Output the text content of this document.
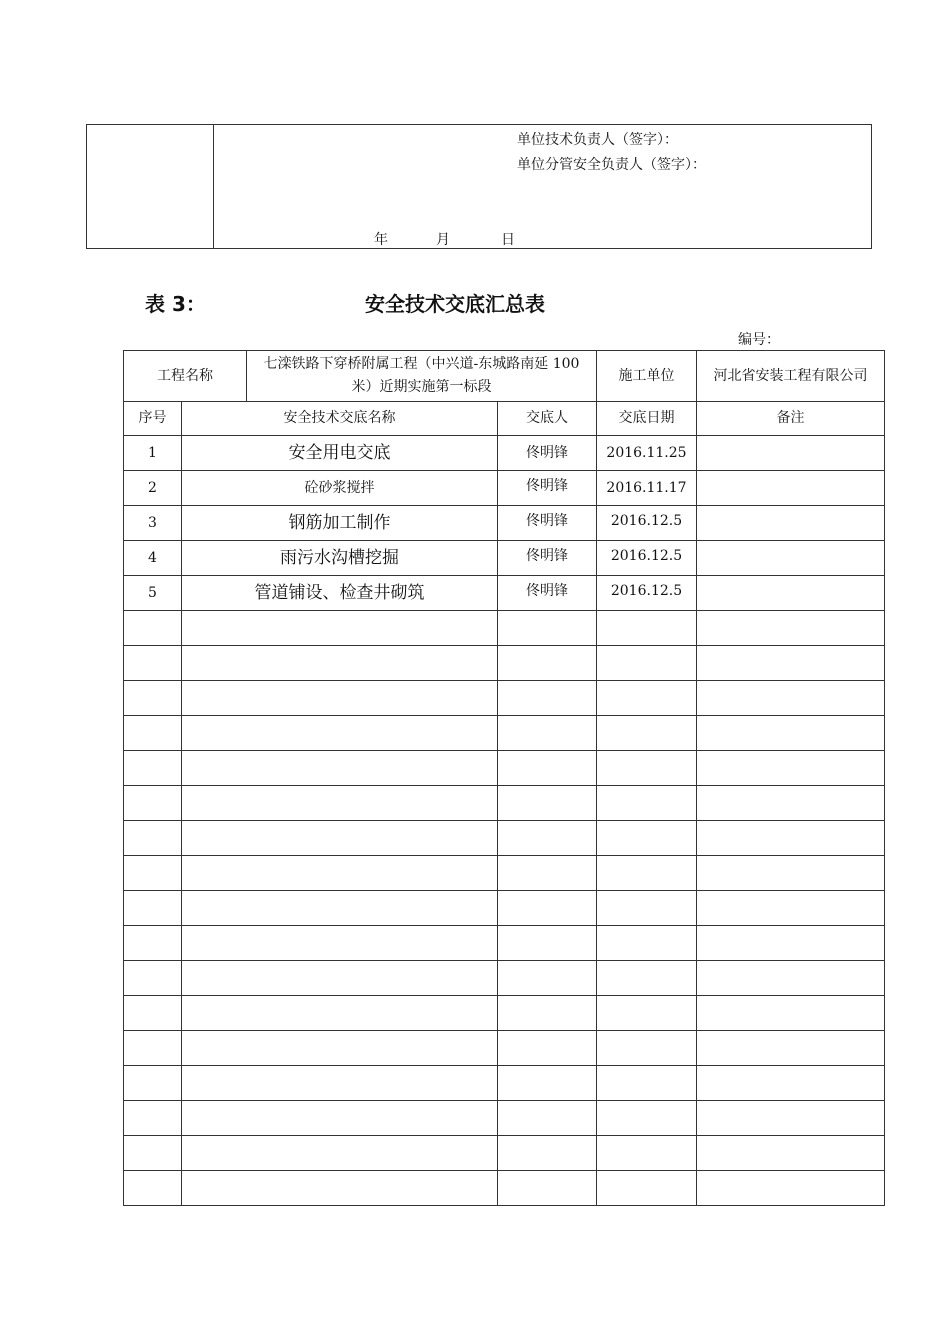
单位技术负责人（签字）：
单位分管安全负责人（签字）：
年	月	日
表 3：	安全技术交底汇总表
编号：
工程名称	七滦铁路下穿桥附属工程（中兴道-东城路南延 100 米）近期实施第一标段	施工单位	河北省安装工程有限公司
序号	安全技术交底名称	交底人	交底日期	备注
1	安全用电交底	佟明锋	2016.11.25	
2	砼砂浆搅拌	佟明锋	2016.11.17	
3	钢筋加工制作	佟明锋	2016.12.5	
4	雨污水沟槽挖掘	佟明锋	2016.12.5	
5	管道铺设、检查井砌筑	佟明锋	2016.12.5	
